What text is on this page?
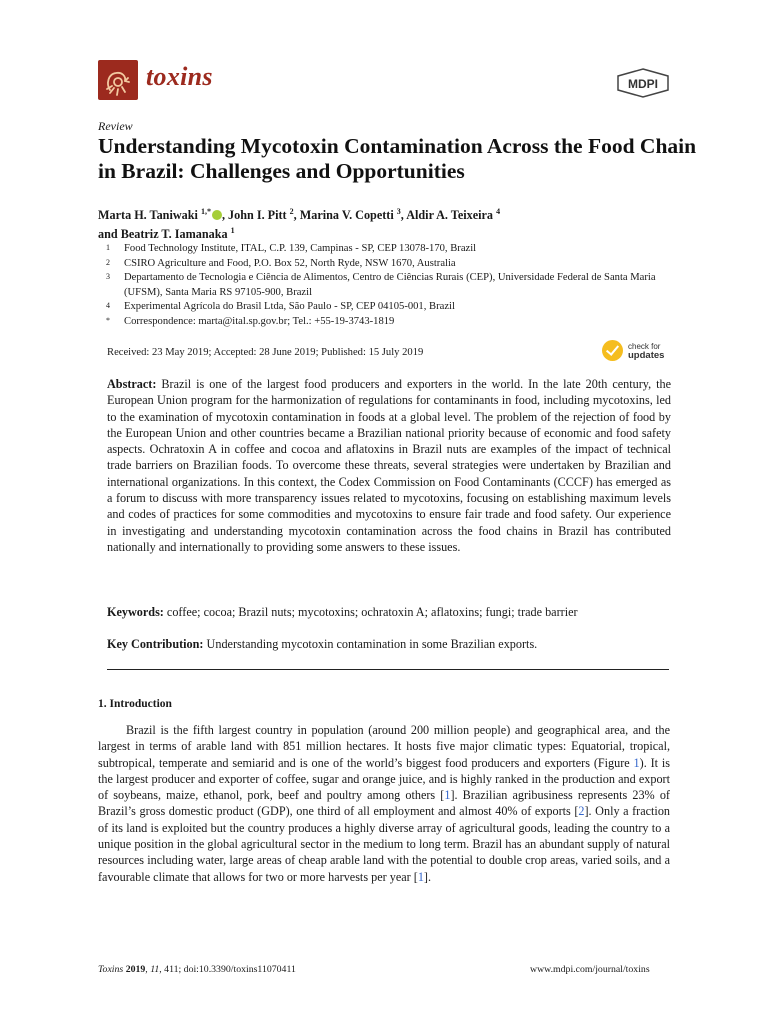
toxins	MDPI
Review
Understanding Mycotoxin Contamination Across the Food Chain in Brazil: Challenges and Opportunities
Marta H. Taniwaki $^{1,*}$ , John I. Pitt $^2$, Marina V. Copetti $^3$, Aldir A. Teixeira $^4$
and Beatriz T. Iamanaka $^1$
1	Food Technology Institute, ITAL, C.P. 139, Campinas - SP, CEP 13078-170, Brazil
2	CSIRO Agriculture and Food, P.O. Box 52, North Ryde, NSW 1670, Australia
3	Departamento de Tecnologia e Ciência de Alimentos, Centro de Ciências Rurais (CEP), Universidade Federal de Santa Maria (UFSM), Santa Maria RS 97105-900, Brazil
4	Experimental Agrícola do Brasil Ltda, São Paulo - SP, CEP 04105-001, Brazil
*	Correspondence: marta@ital.sp.gov.br; Tel.: +55-19-3743-1819
Received: 23 May 2019; Accepted: 28 June 2019; Published: 15 July 2019
check for
updates
Abstract: Brazil is one of the largest food producers and exporters in the world. In the late 20th century, the European Union program for the harmonization of regulations for contaminants in food, including mycotoxins, led to the examination of mycotoxin contamination in foods at a global level. The problem of the rejection of food by the European Union and other countries became a Brazilian national priority because of economic and food safety aspects. Ochratoxin A in coffee and cocoa and aflatoxins in Brazil nuts are examples of the impact of technical trade barriers on Brazilian foods. To overcome these threats, several strategies were undertaken by Brazilian and international organizations. In this context, the Codex Commission on Food Contaminants (CCCF) has emerged as a forum to discuss with more transparency issues related to mycotoxins, focusing on establishing maximum levels and codes of practices for some commodities and mycotoxins to ensure fair trade and food safety. Our experience in investigating and understanding mycotoxin contamination across the food chains in Brazil has contributed nationally and internationally to providing some answers to these issues.
Keywords: coffee; cocoa; Brazil nuts; mycotoxins; ochratoxin A; aflatoxins; fungi; trade barrier
Key Contribution: Understanding mycotoxin contamination in some Brazilian exports.
1. Introduction
Brazil is the fifth largest country in population (around 200 million people) and geographical area, and the largest in terms of arable land with 851 million hectares. It hosts five major climatic types: Equatorial, tropical, subtropical, temperate and semiarid and is one of the world’s biggest food producers and exporters (Figure 1). It is the largest producer and exporter of coffee, sugar and orange juice, and is highly ranked in the production and export of soybeans, maize, ethanol, pork, beef and poultry among others [1]. Brazilian agribusiness represents 23% of Brazil’s gross domestic product (GDP), one third of all employment and almost 40% of exports [2]. Only a fraction of its land is exploited but the country produces a highly diverse array of agricultural goods, leading the country to a unique position in the global agricultural sector in the medium to long term. Brazil has an abundant supply of natural resources including water, large areas of cheap arable land with the potential to double crop areas, varied soils, and a favourable climate that allows for two or more harvests per year [1].
Toxins 2019, 11, 411; doi:10.3390/toxins11070411	www.mdpi.com/journal/toxins
